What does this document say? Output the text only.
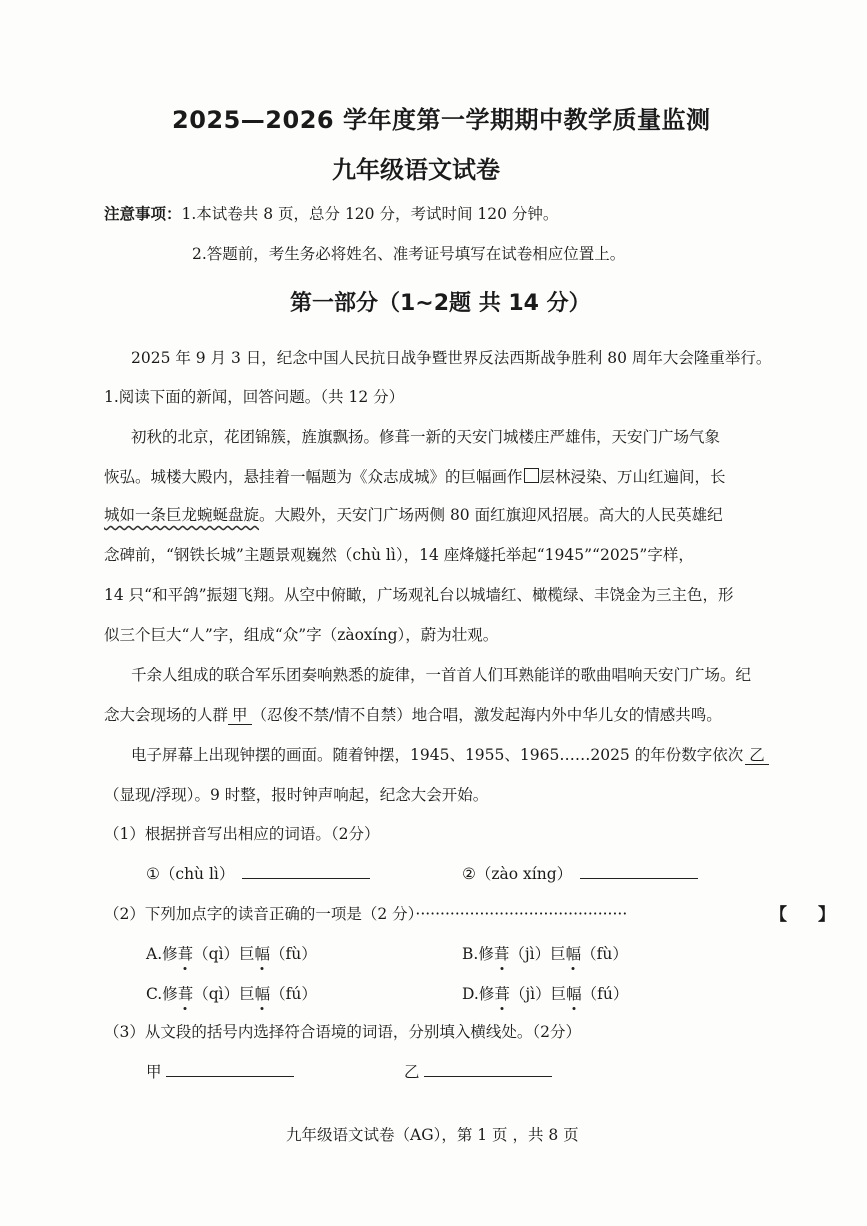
2025—2026 学年度第一学期期中教学质量监测
九年级语文试卷
注意事项：1.本试卷共 8 页，总分 120 分，考试时间 120 分钟。
2.答题前，考生务必将姓名、准考证号填写在试卷相应位置上。
第一部分（1~2题 共 14 分）
2025 年 9 月 3 日，纪念中国人民抗日战争暨世界反法西斯战争胜利 80 周年大会隆重举行。
1.阅读下面的新闻，回答问题。（共 12 分）
初秋的北京，花团锦簇，旌旗飘扬。修葺一新的天安门城楼庄严雄伟，天安门广场气象
恢弘。城楼大殿内，悬挂着一幅题为《众志成城》的巨幅画作 层林浸染、万山红遍间，长
城如一条巨龙蜿蜒盘旋。大殿外，天安门广场两侧 80 面红旗迎风招展。高大的人民英雄纪
念碑前，“钢铁长城”主题景观巍然（chù lì），14 座烽燧托举起“1945”“2025”字样，
14 只“和平鸽”振翅飞翔。从空中俯瞰，广场观礼台以城墙红、橄榄绿、丰饶金为三主色，形
似三个巨大“人”字，组成“众”字（zàoxíng），蔚为壮观。
千余人组成的联合军乐团奏响熟悉的旋律，一首首人们耳熟能详的歌曲唱响天安门广场。纪
念大会现场的人群 甲 （忍俊不禁/情不自禁）地合唱，激发起海内外中华儿女的情感共鸣。
电子屏幕上出现钟摆的画面。随着钟摆，1945、1955、1965……2025 的年份数字依次 乙
（显现/浮现）。9 时整，报时钟声响起，纪念大会开始。
（1）根据拼音写出相应的词语。（2分）
①（chù lì）	②（zào xíng）
（2）下列加点字的读音正确的一项是（2 分）···········································	【 】
A.修葺（qì）巨幅（fù）	B.修葺（jì）巨幅（fù）
C.修葺（qì）巨幅（fú）	D.修葺（jì）巨幅（fú）
（3）从文段的括号内选择符合语境的词语，分别填入横线处。（2分）
甲	乙
九年级语文试卷（AG），第 1 页 ，共 8 页
